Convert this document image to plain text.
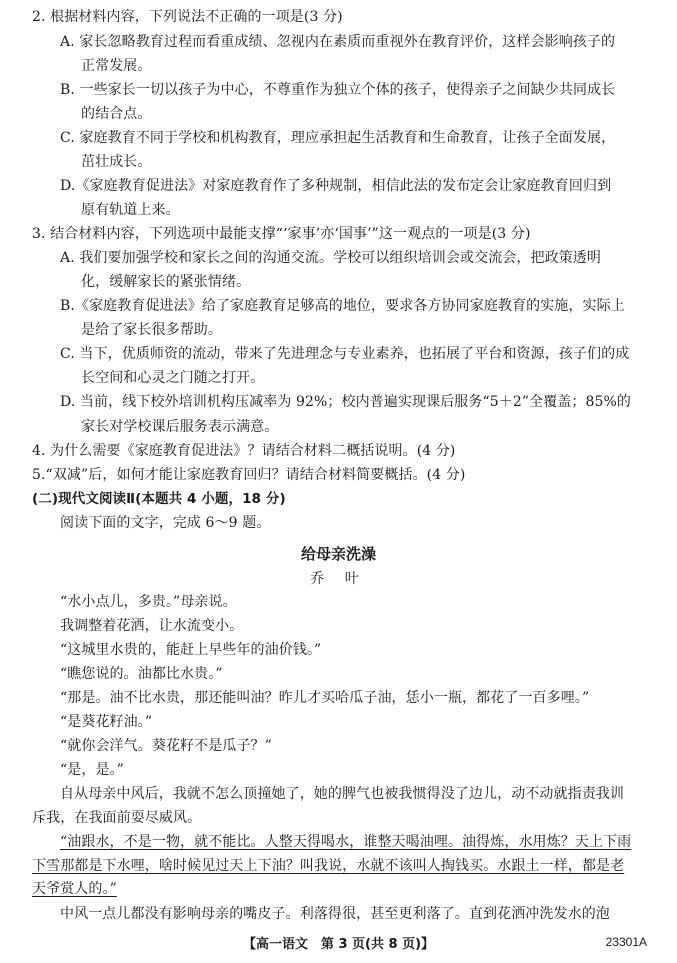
2. 根据材料内容，下列说法不正确的一项是(3 分)
A. 家长忽略教育过程而看重成绩、忽视内在素质而重视外在教育评价，这样会影响孩子的
正常发展。
B. 一些家长一切以孩子为中心，不尊重作为独立个体的孩子，使得亲子之间缺少共同成长
的结合点。
C. 家庭教育不同于学校和机构教育，理应承担起生活教育和生命教育，让孩子全面发展，
茁壮成长。
D.《家庭教育促进法》对家庭教育作了多种规制，相信此法的发布定会让家庭教育回归到
原有轨道上来。
3. 结合材料内容，下列选项中最能支撑“‘家事’亦‘国事’”这一观点的一项是(3 分)
A. 我们要加强学校和家长之间的沟通交流。学校可以组织培训会或交流会，把政策透明
化，缓解家长的紧张情绪。
B.《家庭教育促进法》给了家庭教育足够高的地位，要求各方协同家庭教育的实施，实际上
是给了家长很多帮助。
C. 当下，优质师资的流动，带来了先进理念与专业素养，也拓展了平台和资源，孩子们的成
长空间和心灵之门随之打开。
D. 当前，线下校外培训机构压减率为 92%；校内普遍实现课后服务“5＋2”全覆盖；85%的
家长对学校课后服务表示满意。
4. 为什么需要《家庭教育促进法》？请结合材料二概括说明。(4 分)
5.“双减”后，如何才能让家庭教育回归？请结合材料简要概括。(4 分)
(二)现代文阅读Ⅱ(本题共 4 小题，18 分)
阅读下面的文字，完成 6～9 题。
给母亲洗澡
乔 叶
“水小点儿，多贵。”母亲说。
我调整着花洒，让水流变小。
“这城里水贵的，能赶上早些年的油价钱。”
“瞧您说的。油都比水贵。”
“那是。油不比水贵，那还能叫油？昨儿才买哈瓜子油，恁小一瓶，都花了一百多哩。”
“是葵花籽油。”
“就你会洋气。葵花籽不是瓜子？”
“是，是。”
自从母亲中风后，我就不怎么顶撞她了，她的脾气也被我惯得没了边儿，动不动就指责我训
斥我，在我面前耍尽威风。
“油跟水，不是一物，就不能比。人整天得喝水，谁整天喝油哩。油得炼，水用炼？天上下雨
下雪那都是下水哩，啥时候见过天上下油？叫我说，水就不该叫人掏钱买。水跟土一样，都是老
天爷赏人的。”
【高一语文　第 3 页(共 8 页)】	23301A
中风一点儿都没有影响母亲的嘴皮子。利落得很，甚至更利落了。直到花洒冲洗发水的泡
